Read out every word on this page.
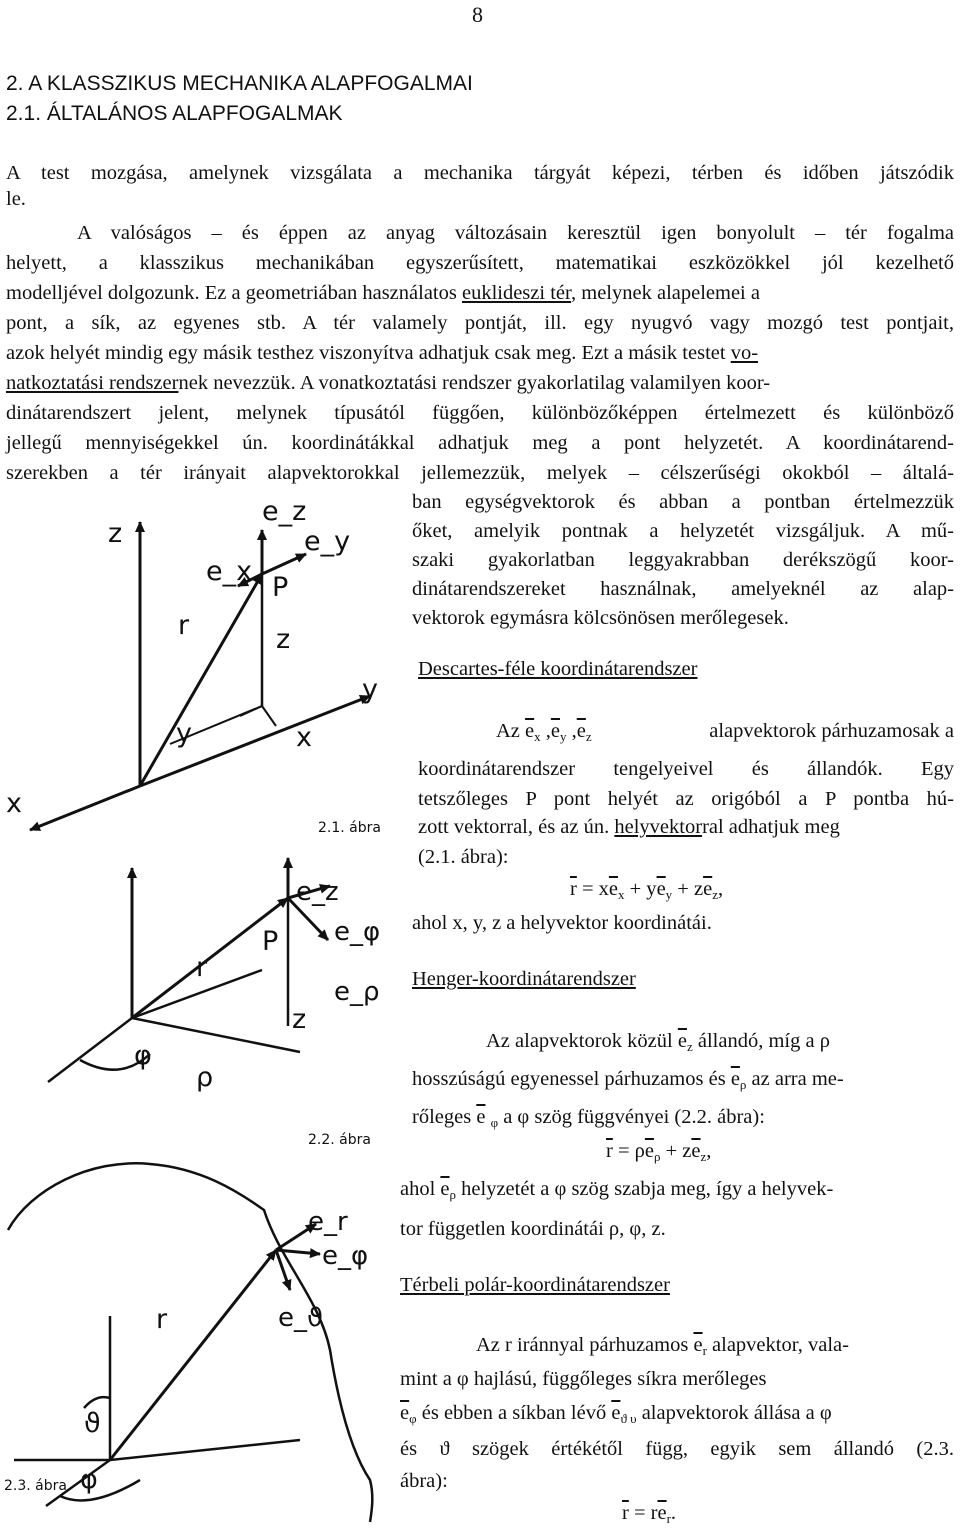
8
2. A KLASSZIKUS MECHANIKA ALAPFOGALMAI
2.1. ÁLTALÁNOS ALAPFOGALMAK
A test mozgása, amelynek vizsgálata a mechanika tárgyát képezi, térben és időben játszódik
le.
A valóságos – és éppen az anyag változásain keresztül igen bonyolult – tér fogalma
helyett, a klasszikus mechanikában egyszerűsített, matematikai eszközökkel jól kezelhető
modelljével dolgozunk. Ez a geometriában használatos euklideszi tér, melynek alapelemei a
pont, a sík, az egyenes stb. A tér valamely pontját, ill. egy nyugvó vagy mozgó test pontjait,
azok helyét mindig egy másik testhez viszonyítva adhatjuk csak meg. Ezt a másik testet vo-
natkoztatási rendszernek nevezzük. A vonatkoztatási rendszer gyakorlatilag valamilyen koor-
dinátarendszert jelent, melynek típusától függően, különbözőképpen értelmezett és különböző
jellegű mennyiségekkel ún. koordinátákkal adhatjuk meg a pont helyzetét. A koordinátarend-
szerekben a tér irányait alapvektorokkal jellemezzük, melyek – célszerűségi okokból – általá-
ban egységvektorok és abban a pontban értelmezzük
őket, amelyik pontnak a helyzetét vizsgáljuk. A mű-
szaki gyakorlatban leggyakrabban derékszögű koor-
dinátarendszereket használnak, amelyeknél az alap-
vektorok egymásra kölcsönösen merőlegesek.
Descartes-féle koordinátarendszer
Az $\overline{e}_x$ $,\overline{e}_y$ $,\overline{e}_z$	alapvektorok párhuzamosak a
koordinátarendszer tengelyeivel és állandók. Egy
tetszőleges P pont helyét az origóból a P pontba hú-
zott vektorral, és az ún. helyvektorral adhatjuk meg
(2.1. ábra):
$\overline{r} = x\overline{e}_x + y\overline{e}_y + z\overline{e}_z$,
ahol x, y, z a helyvektor koordinátái.
Henger-koordinátarendszer
Az alapvektorok közül $\overline{e}_z$ állandó, míg a ρ
hosszúságú egyenessel párhuzamos és $\overline{e}_\rho$ az arra me-
rőleges $\overline{e}$ $_\varphi$ a φ szög függvényei (2.2. ábra):
$\overline{r} = \rho\overline{e}_\rho + z\overline{e}_z$,
ahol $\overline{e}_\rho$ helyzetét a φ szög szabja meg, így a helyvek-
tor független koordinátái ρ, φ, z.
Térbeli polár-koordinátarendszer
Az r iránnyal párhuzamos $\overline{e}_r$ alapvektor, vala-
mint a φ hajlású, függőleges síkra merőleges
$\overline{e}_\varphi$ és ebben a síkban lévő $\overline{e}_{ϑ \upsilon}$ alapvektorok állása a φ
és ϑ szögek értékétől függ, egyik sem állandó (2.3.
ábra):
$\overline{r} = r\overline{e}_r$.
z
e_z
e_y
e_x
P
r	z
y
y	x
x
2.1. ábra
e_z
e_φ
P
e_ρ
r
z
φ
ρ
2.2. ábra
e_r
e_φ
r	e_ϑ
ϑ
φ
2.3. ábra
